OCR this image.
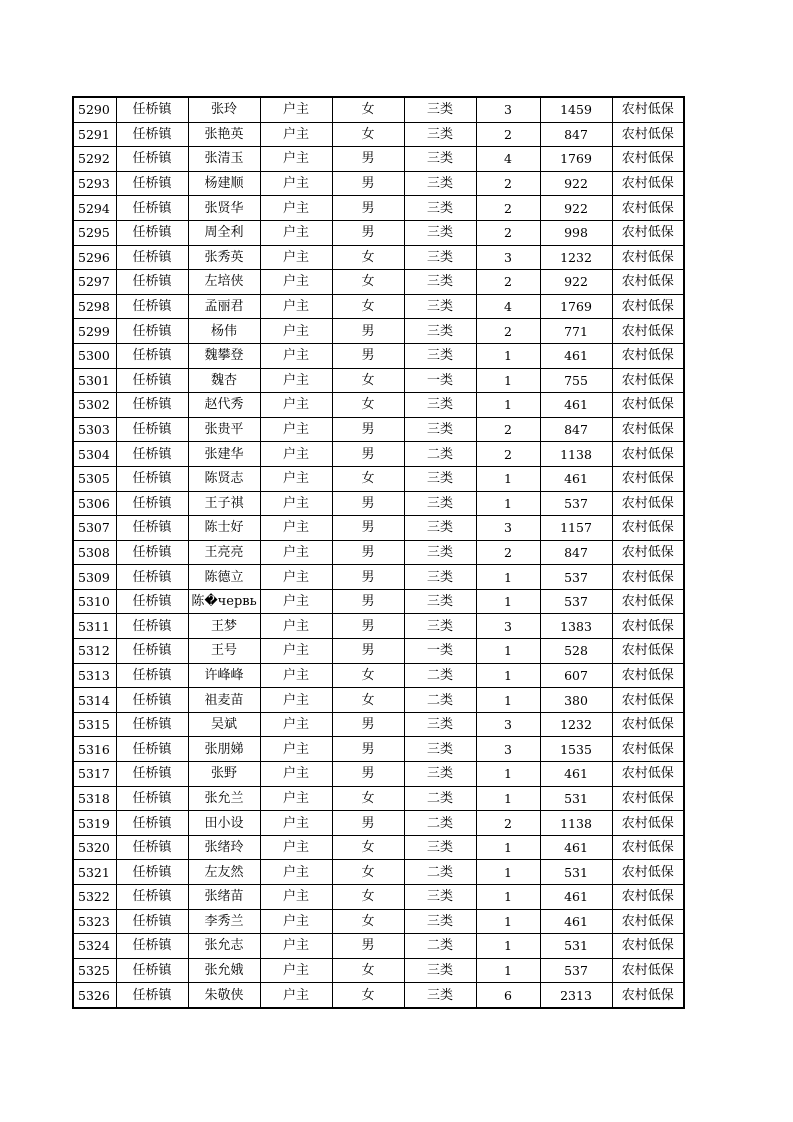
5290	任桥镇	张玲	户主	女	三类	3	1459	农村低保
5291	任桥镇	张艳英	户主	女	三类	2	847	农村低保
5292	任桥镇	张清玉	户主	男	三类	4	1769	农村低保
5293	任桥镇	杨建顺	户主	男	三类	2	922	农村低保
5294	任桥镇	张贤华	户主	男	三类	2	922	农村低保
5295	任桥镇	周全利	户主	男	三类	2	998	农村低保
5296	任桥镇	张秀英	户主	女	三类	3	1232	农村低保
5297	任桥镇	左培侠	户主	女	三类	2	922	农村低保
5298	任桥镇	孟丽君	户主	女	三类	4	1769	农村低保
5299	任桥镇	杨伟	户主	男	三类	2	771	农村低保
5300	任桥镇	魏攀登	户主	男	三类	1	461	农村低保
5301	任桥镇	魏杏	户主	女	一类	1	755	农村低保
5302	任桥镇	赵代秀	户主	女	三类	1	461	农村低保
5303	任桥镇	张贵平	户主	男	三类	2	847	农村低保
5304	任桥镇	张建华	户主	男	二类	2	1138	农村低保
5305	任桥镇	陈贤志	户主	女	三类	1	461	农村低保
5306	任桥镇	王子祺	户主	男	三类	1	537	农村低保
5307	任桥镇	陈士好	户主	男	三类	3	1157	农村低保
5308	任桥镇	王亮亮	户主	男	三类	2	847	农村低保
5309	任桥镇	陈德立	户主	男	三类	1	537	农村低保
5310	任桥镇	陈�червь	户主	男	三类	1	537	农村低保
5311	任桥镇	王梦	户主	男	三类	3	1383	农村低保
5312	任桥镇	王号	户主	男	一类	1	528	农村低保
5313	任桥镇	许峰峰	户主	女	二类	1	607	农村低保
5314	任桥镇	祖麦苗	户主	女	二类	1	380	农村低保
5315	任桥镇	吴斌	户主	男	三类	3	1232	农村低保
5316	任桥镇	张朋娣	户主	男	三类	3	1535	农村低保
5317	任桥镇	张野	户主	男	三类	1	461	农村低保
5318	任桥镇	张允兰	户主	女	二类	1	531	农村低保
5319	任桥镇	田小设	户主	男	二类	2	1138	农村低保
5320	任桥镇	张绪玲	户主	女	三类	1	461	农村低保
5321	任桥镇	左友然	户主	女	二类	1	531	农村低保
5322	任桥镇	张绪苗	户主	女	三类	1	461	农村低保
5323	任桥镇	李秀兰	户主	女	三类	1	461	农村低保
5324	任桥镇	张允志	户主	男	二类	1	531	农村低保
5325	任桥镇	张允娥	户主	女	三类	1	537	农村低保
5326	任桥镇	朱敬侠	户主	女	三类	6	2313	农村低保
